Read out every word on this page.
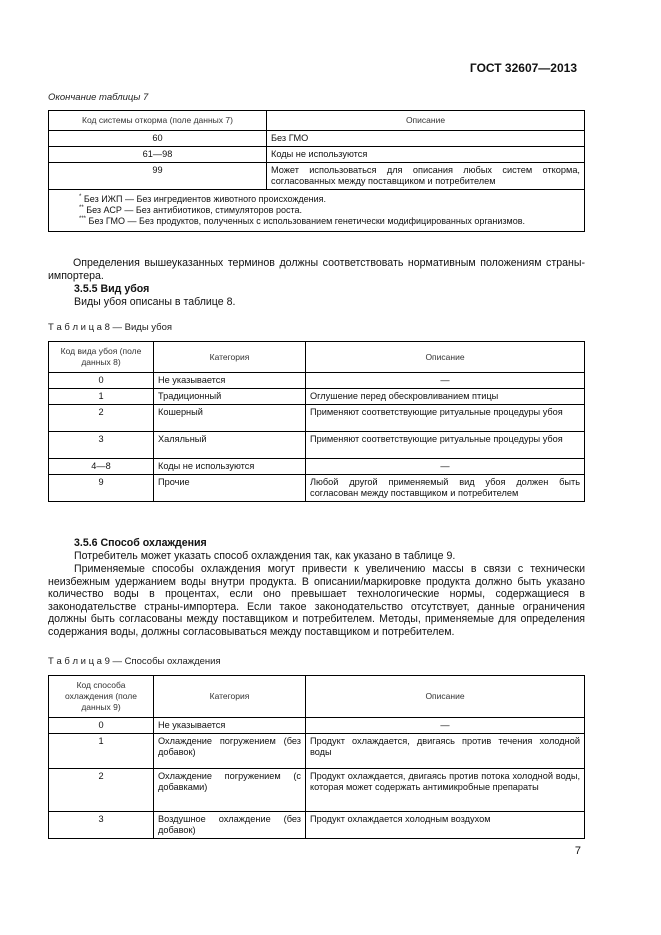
ГОСТ 32607—2013
Окончание таблицы 7
Код системы откорма (поле данных 7)	Описание
60	Без ГМО
61—98	Коды не используются
99	Может использоваться для описания любых систем откорма, согласованных между поставщиком и потребителем

* Без ИЖП — Без ингредиентов животного происхождения.
** Без АСР — Без антибиотиков, стимуляторов роста.
*** Без ГМО — Без продуктов, полученных с использованием генетически модифицированных организмов.	
Определения вышеуказанных терминов должны соответствовать нормативным положениям страны-импортера.
3.5.5 Вид убоя
Виды убоя описаны в таблице 8.
Т а б л и ц а 8 — Виды убоя
Код вида убоя (поле данных 8)	Категория	Описание
0	Не указывается	—
1	Традиционный	Оглушение перед обескровливанием птицы
2	Кошерный	Применяют соответствующие ритуальные процедуры убоя
3	Халяльный	Применяют соответствующие ритуальные процедуры убоя
4—8	Коды не используются	—
9	Прочие	Любой другой применяемый вид убоя должен быть согласован между поставщиком и потребителем
3.5.6 Способ охлаждения
Потребитель может указать способ охлаждения так, как указано в таблице 9.
Применяемые способы охлаждения могут привести к увеличению массы в связи с технически неизбежным удержанием воды внутри продукта. В описании/маркировке продукта должно быть указано количество воды в процентах, если оно превышает технологические нормы, содержащиеся в законодательстве страны-импортера. Если такое законодательство отсутствует, данные ограничения должны быть согласованы между поставщиком и потребителем. Методы, применяемые для определения содержания воды, должны согласовываться между поставщиком и потребителем.
Т а б л и ц а 9 — Способы охлаждения
Код способа охлаждения (поле данных 9)	Категория	Описание
0	Не указывается	—
1	Охлаждение погружением (без добавок)	Продукт охлаждается, двигаясь против течения холодной воды
2	Охлаждение погружением (с добавками)	Продукт охлаждается, двигаясь против потока холодной воды, которая может содержать антимикробные препараты
3	Воздушное охлаждение (без добавок)	Продукт охлаждается холодным воздухом
7
